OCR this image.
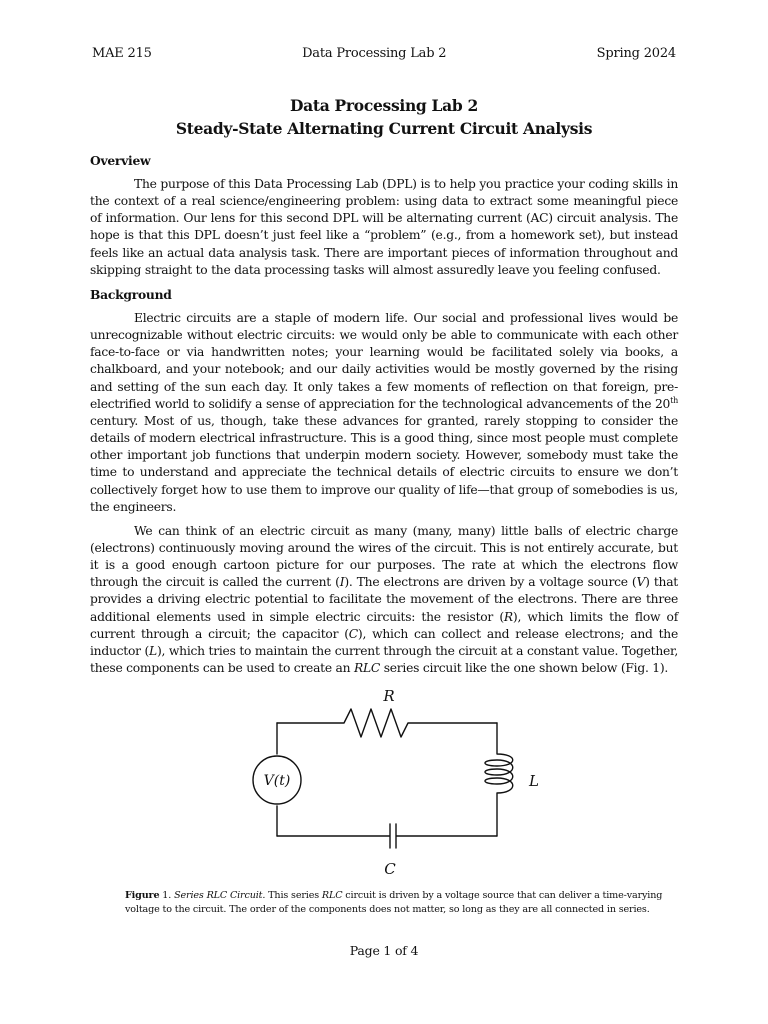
MAE 215	Data Processing Lab 2	Spring 2024
Data Processing Lab 2
Steady-State Alternating Current Circuit Analysis
Overview

The purpose of this Data Processing Lab (DPL) is to help you practice your coding skills in the context of a real science/engineering problem: using data to extract some meaningful piece of information. Our lens for this second DPL will be alternating current (AC) circuit analysis. The hope is that this DPL doesn’t just feel like a “problem” (e.g., from a homework set), but instead feels like an actual data analysis task. There are important pieces of information throughout and skipping straight to the data processing tasks will almost assuredly leave you feeling confused.

Background

Electric circuits are a staple of modern life. Our social and professional lives would be unrecognizable without electric circuits: we would only be able to communicate with each other face-to-face or via handwritten notes; your learning would be facilitated solely via books, a chalkboard, and your notebook; and our daily activities would be mostly governed by the rising and setting of the sun each day. It only takes a few moments of reflection on that foreign, pre-electrified world to solidify a sense of appreciation for the technological advancements of the 20th century. Most of us, though, take these advances for granted, rarely stopping to consider the details of modern electrical infrastructure. This is a good thing, since most people must complete other important job functions that underpin modern society. However, somebody must take the time to understand and appreciate the technical details of electric circuits to ensure we don’t collectively forget how to use them to improve our quality of life—that group of somebodies is us, the engineers.

We can think of an electric circuit as many (many, many) little balls of electric charge (electrons) continuously moving around the wires of the circuit. This is not entirely accurate, but it is a good enough cartoon picture for our purposes. The rate at which the electrons flow through the circuit is called the current (I). The electrons are driven by a voltage source (V) that provides a driving electric potential to facilitate the movement of the electrons. There are three additional elements used in simple electric circuits: the resistor (R), which limits the flow of current through a circuit; the capacitor (C), which can collect and release electrons; and the inductor (L), which tries to maintain the current through the circuit at a constant value. Together, these components can be used to create an RLC series circuit like the one shown below (Fig. 1).

R
L
C
V(t)
Figure 1. Series RLC Circuit. This series RLC circuit is driven by a voltage source that can deliver a time-varying voltage to the circuit. The order of the components does not matter, so long as they are all connected in series.
Page 1 of 4
